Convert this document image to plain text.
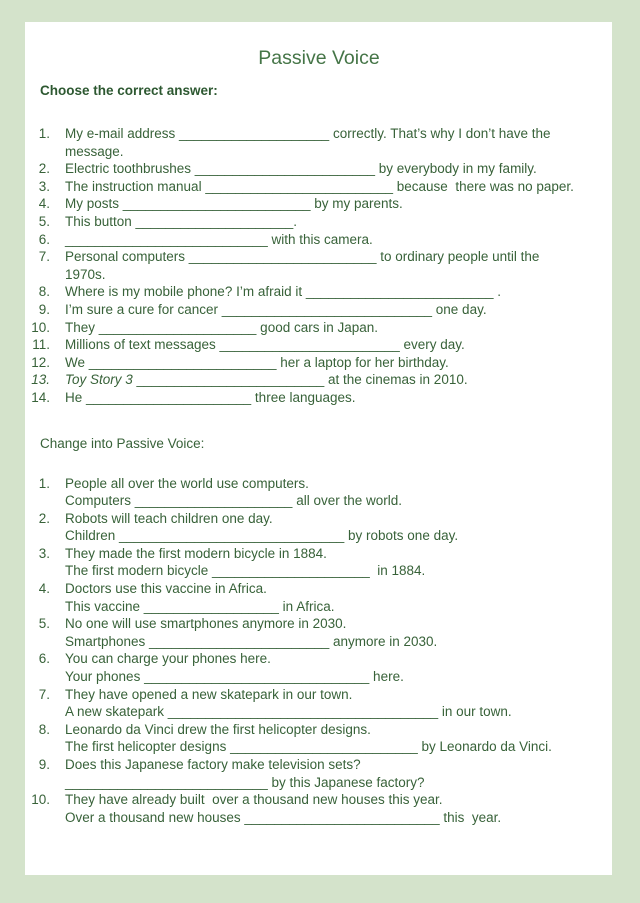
Passive Voice
Choose the correct answer:
1. My e-mail address ____________________ correctly. That’s why I don’t have the
message.
2. Electric toothbrushes ________________________ by everybody in my family.
3. The instruction manual _________________________ because  there was no paper.
4. My posts _________________________ by my parents.
5. This button _____________________.
6. ___________________________ with this camera.
7. Personal computers _________________________ to ordinary people until the
1970s.
8. Where is my mobile phone? I’m afraid it _________________________ .
9. I’m sure a cure for cancer ____________________________ one day.
10. They _____________________ good cars in Japan.
11. Millions of text messages ________________________ every day.
12. We _________________________ her a laptop for her birthday.
13. Toy Story 3 _________________________ at the cinemas in 2010.
14. He ______________________ three languages.
Change into Passive Voice:
1. People all over the world use computers.
Computers _____________________ all over the world.
2. Robots will teach children one day.
Children ______________________________ by robots one day.
3. They made the first modern bicycle in 1884.
The first modern bicycle _____________________  in 1884.
4. Doctors use this vaccine in Africa.
This vaccine __________________ in Africa.
5. No one will use smartphones anymore in 2030.
Smartphones ________________________ anymore in 2030.
6. You can charge your phones here.
Your phones ______________________________ here.
7. They have opened a new skatepark in our town.
A new skatepark ____________________________________ in our town.
8. Leonardo da Vinci drew the first helicopter designs.
The first helicopter designs _________________________ by Leonardo da Vinci.
9. Does this Japanese factory make television sets?
___________________________ by this Japanese factory?
10. They have already built  over a thousand new houses this year.
Over a thousand new houses __________________________ this  year.
